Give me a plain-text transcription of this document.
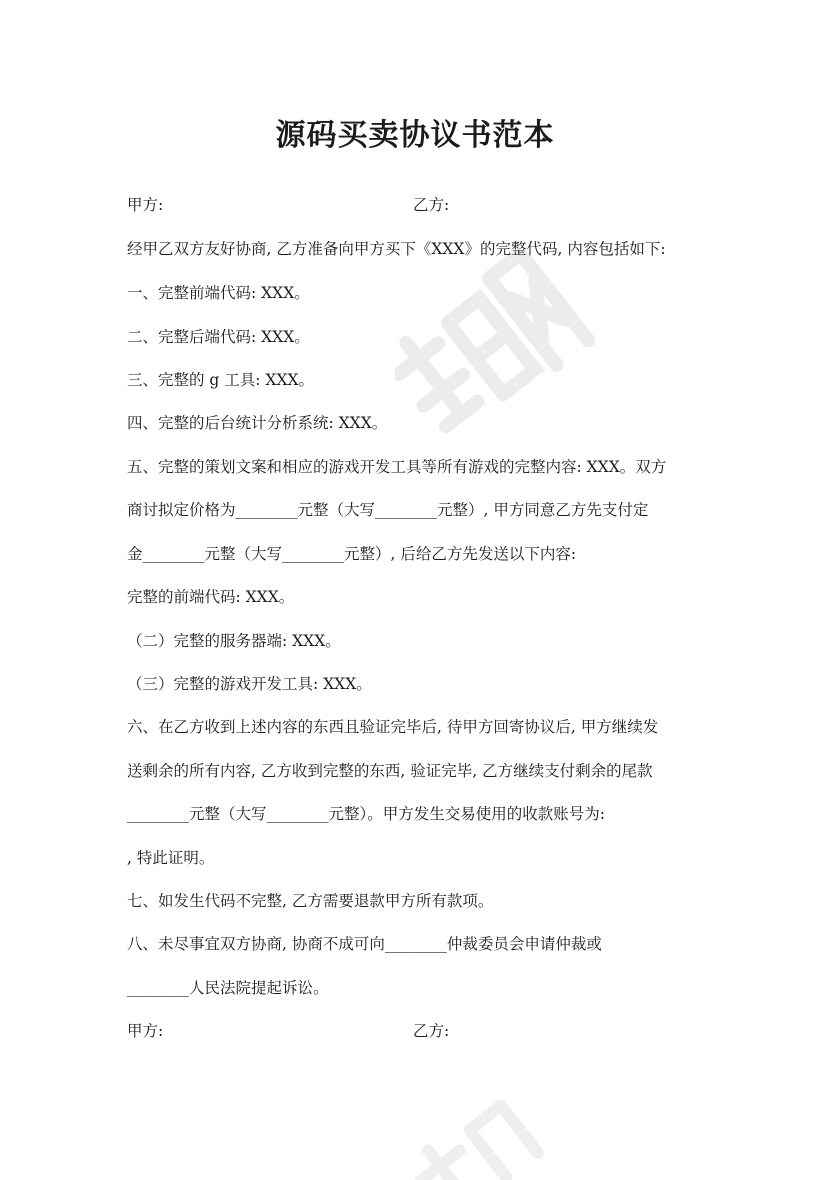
源码买卖协议书范本
甲方:	乙方:
经甲乙双方友好协商, 乙方准备向甲方买下《XXX》的完整代码, 内容包括如下:
一、完整前端代码: XXX。
二、完整后端代码: XXX。
三、完整的 g 工具: XXX。
四、完整的后台统计分析系统: XXX。
五、完整的策划文案和相应的游戏开发工具等所有游戏的完整内容: XXX。双方
商讨拟定价格为________元整（大写________元整）, 甲方同意乙方先支付定
金________元整（大写________元整）, 后给乙方先发送以下内容:
完整的前端代码: XXX。
（二）完整的服务器端: XXX。
（三）完整的游戏开发工具: XXX。
六、在乙方收到上述内容的东西且验证完毕后, 待甲方回寄协议后, 甲方继续发
送剩余的所有内容, 乙方收到完整的东西, 验证完毕, 乙方继续支付剩余的尾款
________元整（大写________元整）。甲方发生交易使用的收款账号为:
, 特此证明。
七、如发生代码不完整, 乙方需要退款甲方所有款项。
八、未尽事宜双方协商, 协商不成可向________仲裁委员会申请仲裁或
________人民法院提起诉讼。
甲方:	乙方:
